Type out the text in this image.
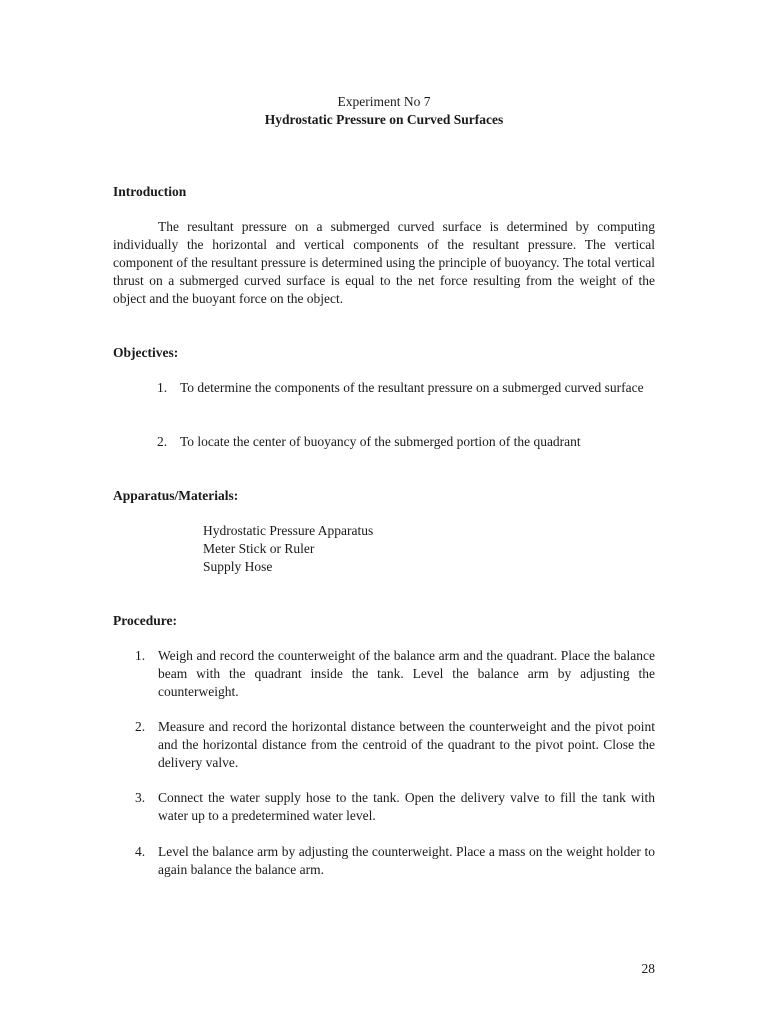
Experiment No 7
Hydrostatic Pressure on Curved Surfaces
Introduction
The resultant pressure on a submerged curved surface is determined by computing individually the horizontal and vertical components of the resultant pressure. The vertical component of the resultant pressure is determined using the principle of buoyancy. The total vertical thrust on a submerged curved surface is equal to the net force resulting from the weight of the object and the buoyant force on the object.
Objectives:
1. To determine the components of the resultant pressure on a submerged curved surface
2. To locate the center of buoyancy of the submerged portion of the quadrant
Apparatus/Materials:
Hydrostatic Pressure Apparatus
Meter Stick or Ruler
Supply Hose
Procedure:
1. Weigh and record the counterweight of the balance arm and the quadrant. Place the balance beam with the quadrant inside the tank. Level the balance arm by adjusting the counterweight.
2. Measure and record the horizontal distance between the counterweight and the pivot point and the horizontal distance from the centroid of the quadrant to the pivot point. Close the delivery valve.
3. Connect the water supply hose to the tank. Open the delivery valve to fill the tank with water up to a predetermined water level.
4. Level the balance arm by adjusting the counterweight. Place a mass on the weight holder to again balance the balance arm.
28
